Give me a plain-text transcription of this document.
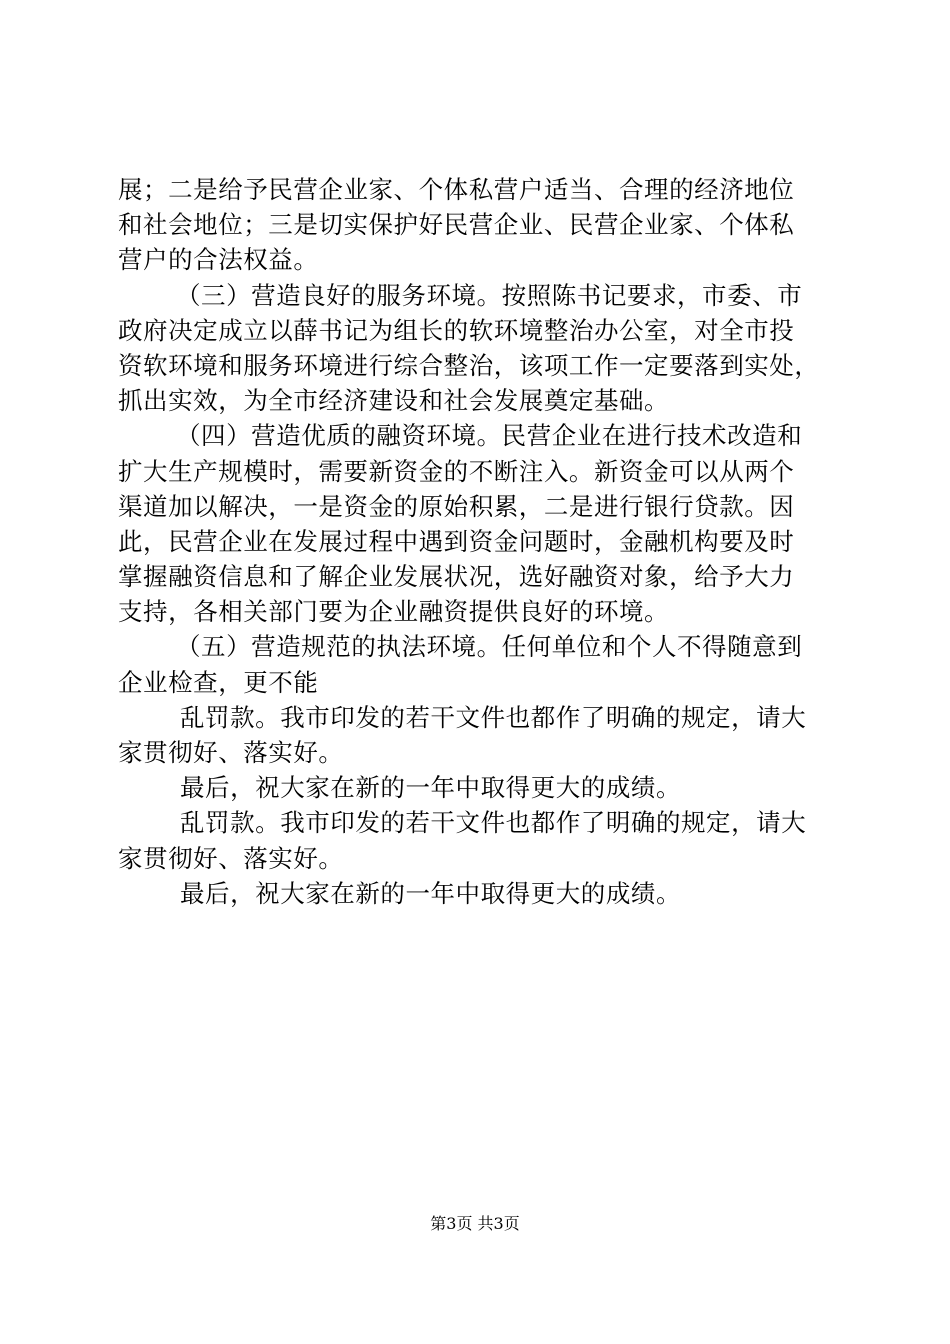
展；二是给予民营企业家、个体私营户适当、合理的经济地位
和社会地位；三是切实保护好民营企业、民营企业家、个体私
营户的合法权益。
（三）营造良好的服务环境。按照陈书记要求，市委、市
政府决定成立以薛书记为组长的软环境整治办公室，对全市投
资软环境和服务环境进行综合整治，该项工作一定要落到实处，
抓出实效，为全市经济建设和社会发展奠定基础。
（四）营造优质的融资环境。民营企业在进行技术改造和
扩大生产规模时，需要新资金的不断注入。新资金可以从两个
渠道加以解决，一是资金的原始积累，二是进行银行贷款。因
此，民营企业在发展过程中遇到资金问题时，金融机构要及时
掌握融资信息和了解企业发展状况，选好融资对象，给予大力
支持，各相关部门要为企业融资提供良好的环境。
（五）营造规范的执法环境。任何单位和个人不得随意到
企业检查，更不能
乱罚款。我市印发的若干文件也都作了明确的规定，请大
家贯彻好、落实好。
最后，祝大家在新的一年中取得更大的成绩。
乱罚款。我市印发的若干文件也都作了明确的规定，请大
家贯彻好、落实好。
最后，祝大家在新的一年中取得更大的成绩。
第3页 共3页
